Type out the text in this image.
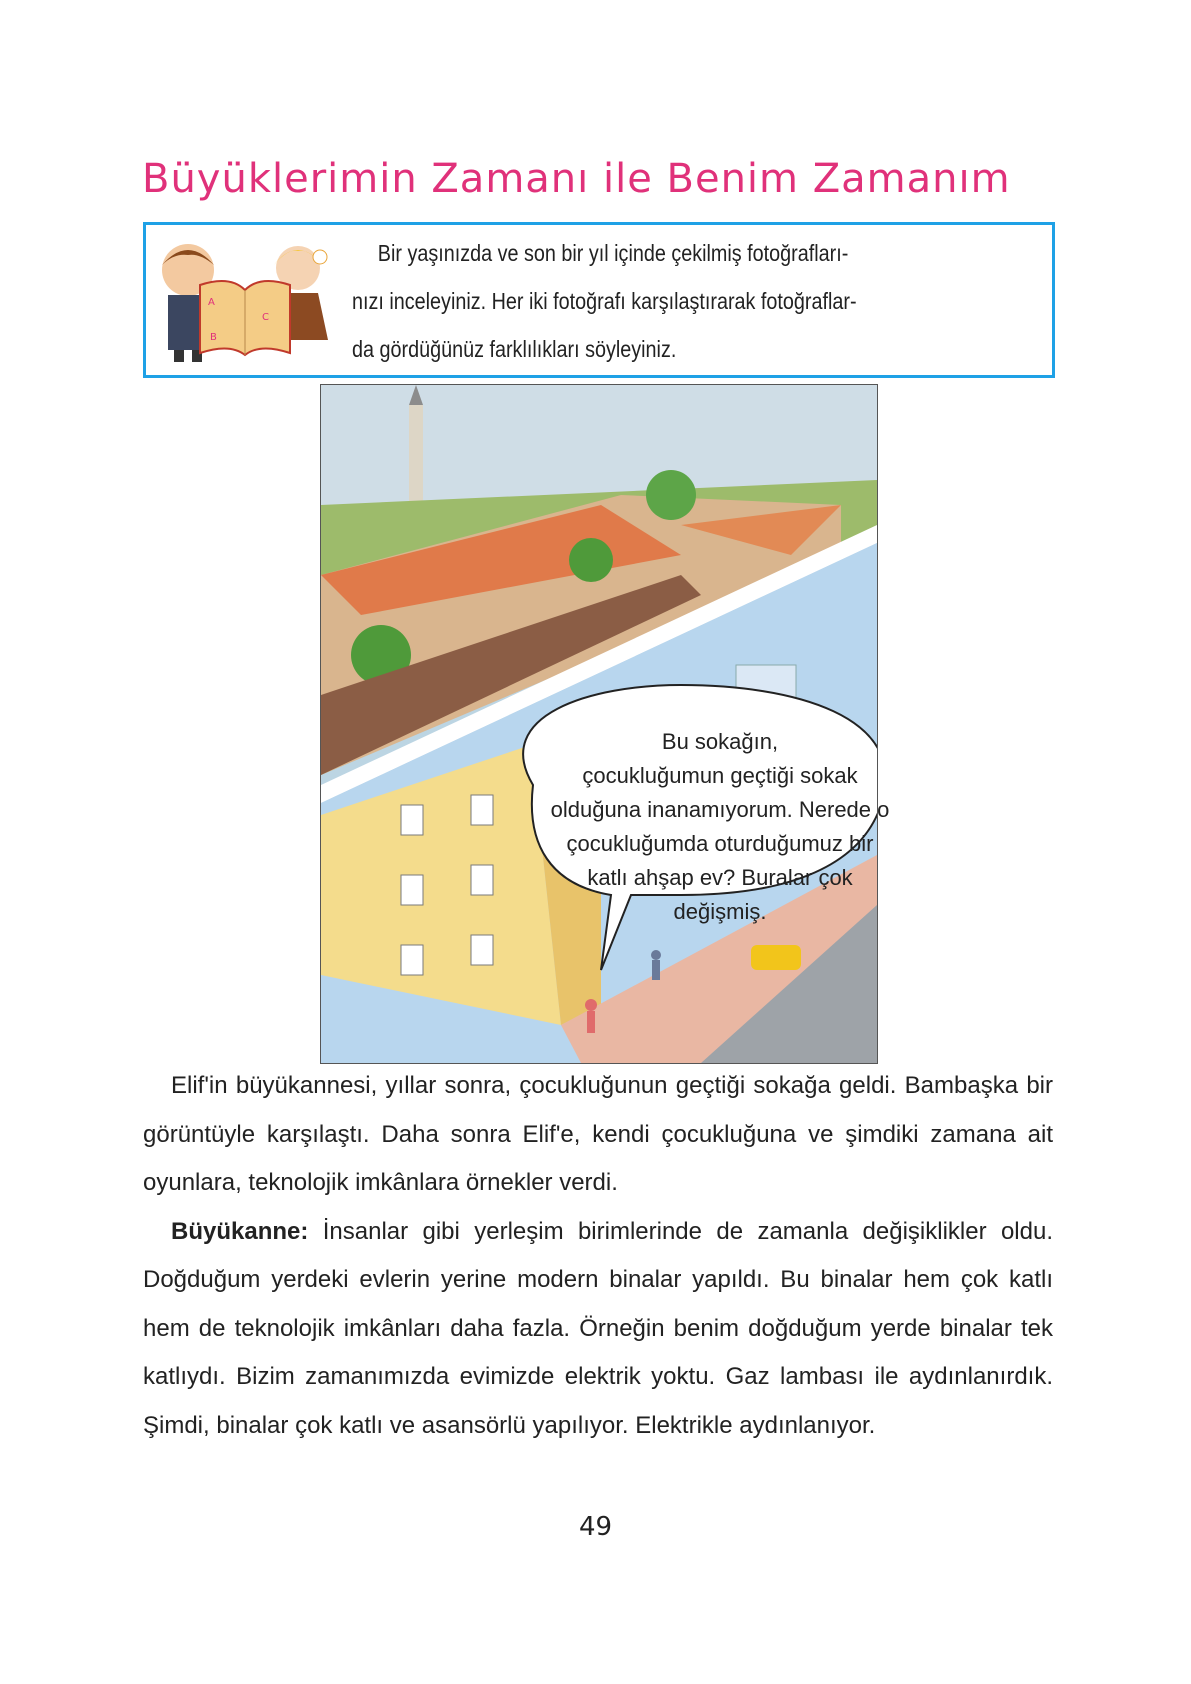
Büyüklerimin Zamanı ile Benim Zamanım
A
C
B
Bir yaşınızda ve son bir yıl içinde çekilmiş fotoğrafları-
nızı inceleyiniz. Her iki fotoğrafı karşılaştırarak fotoğraflar-
da gördüğünüz farklılıkları söyleyiniz.
Bu sokağın,
çocukluğumun geçtiği sokak
olduğuna inanamıyorum. Nerede o
çocukluğumda oturduğumuz bir
katlı ahşap ev? Buralar çok
değişmiş.

Elif'in büyükannesi, yıllar sonra, çocukluğunun geçtiği sokağa geldi. Bambaşka bir görüntüyle karşılaştı. Daha sonra Elif'e, kendi çocukluğuna ve şimdiki zamana ait oyunlara, teknolojik imkânlara örnekler verdi.

Büyükanne: İnsanlar gibi yerleşim birimlerinde de zamanla değişiklikler oldu. Doğduğum yerdeki evlerin yerine modern binalar yapıldı. Bu binalar hem çok katlı hem de teknolojik imkânları daha fazla. Örneğin benim doğduğum yerde binalar tek katlıydı. Bizim zamanımızda evimizde elektrik yoktu. Gaz lambası ile aydınlanırdık. Şimdi, binalar çok katlı ve asansörlü yapılıyor. Elektrikle aydınlanıyor.

49
